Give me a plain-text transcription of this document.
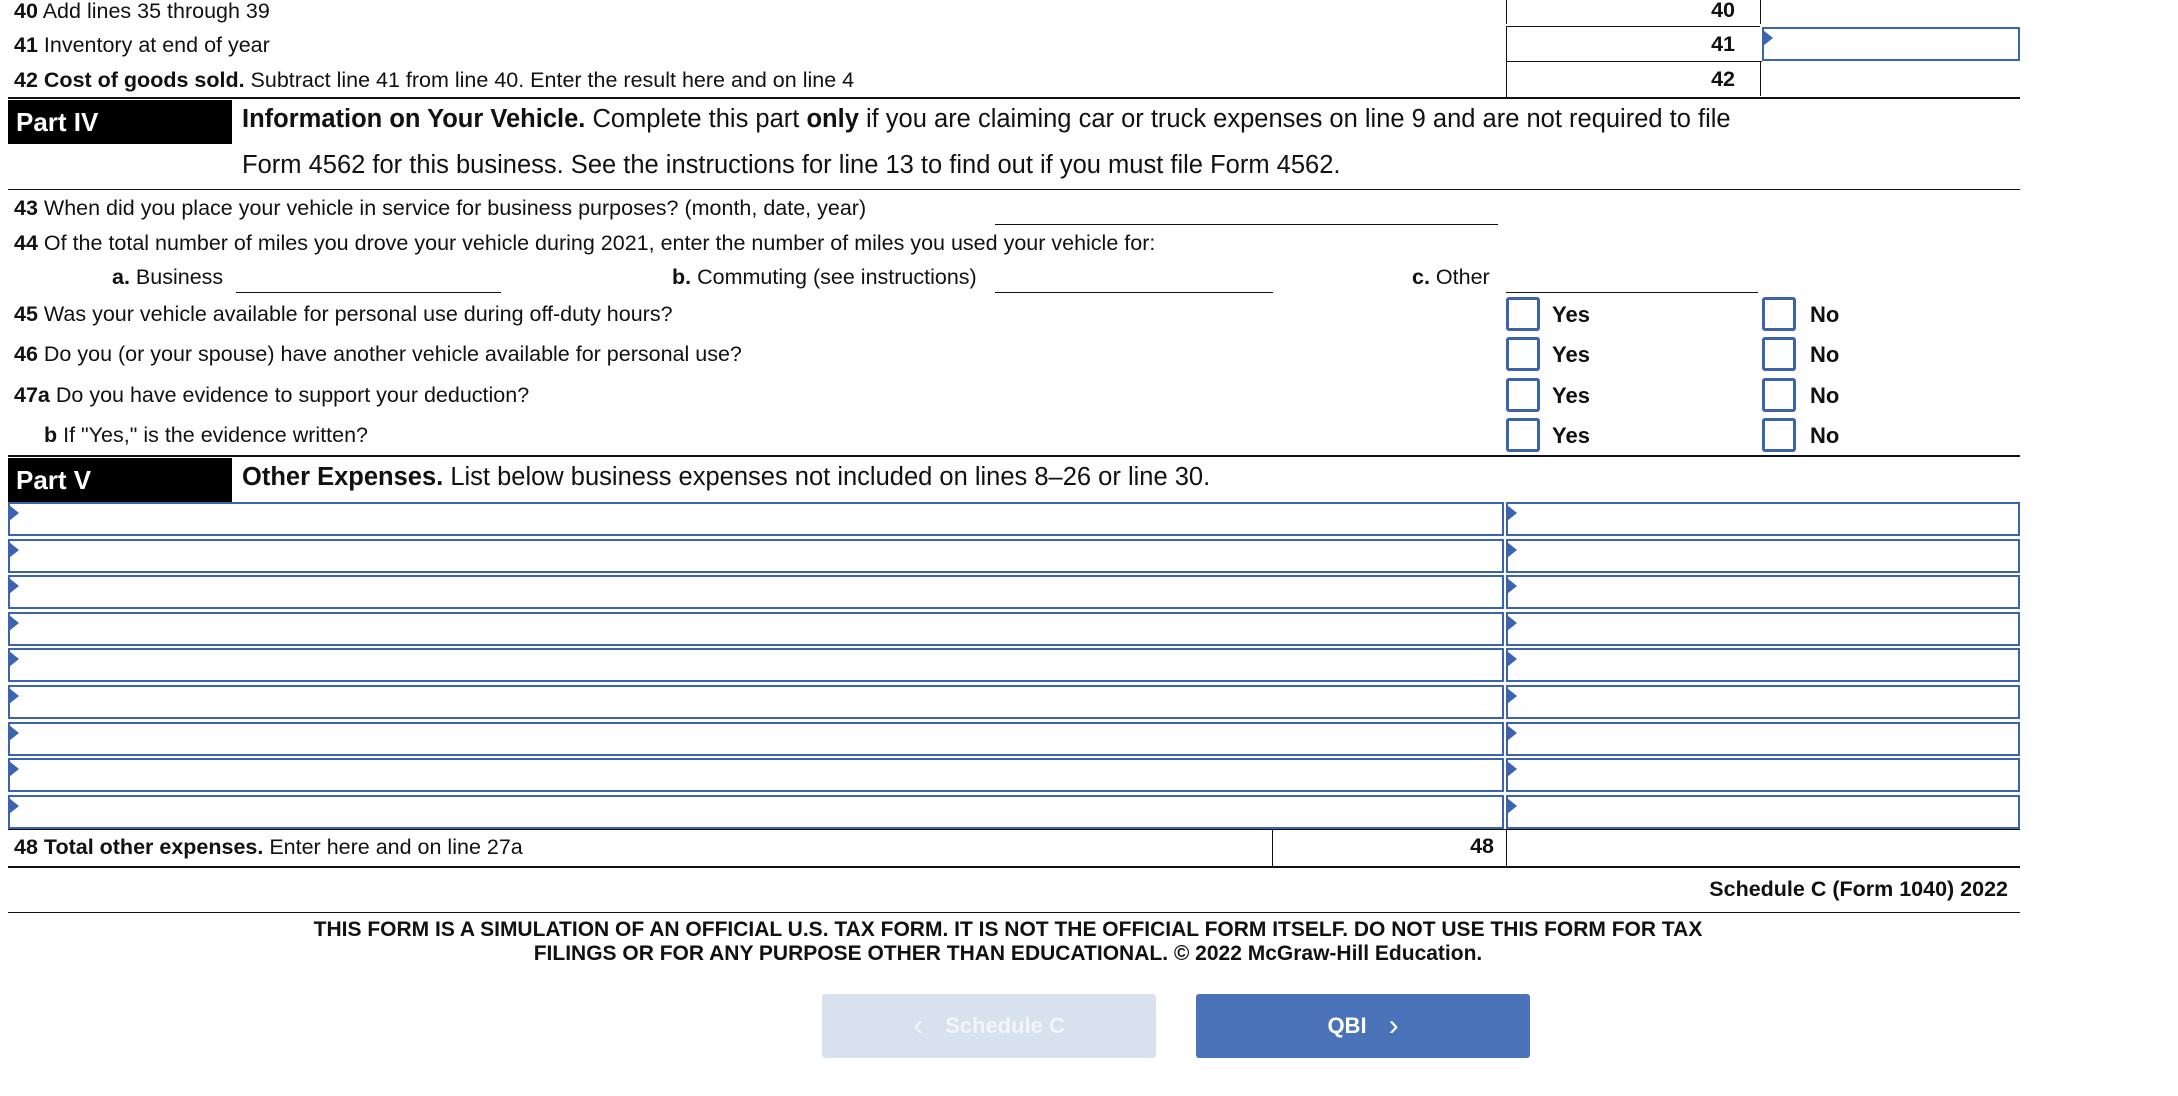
40 Add lines 35 through 39	40
41 Inventory at end of year	41
42 Cost of goods sold. Subtract line 41 from line 40. Enter the result here and on line 4	42
Part IV	Information on Your Vehicle. Complete this part only if you are claiming car or truck expenses on line 9 and are not required to file
Form 4562 for this business. See the instructions for line 13 to find out if you must file Form 4562.
43 When did you place your vehicle in service for business purposes? (month, date, year)
44 Of the total number of miles you drove your vehicle during 2021, enter the number of miles you used your vehicle for:
a. Business	b. Commuting (see instructions)	c. Other
45 Was your vehicle available for personal use during off-duty hours?	Yes	No
46 Do you (or your spouse) have another vehicle available for personal use?	Yes	No
47a Do you have evidence to support your deduction?	Yes	No
b If "Yes," is the evidence written?	Yes	No
Part V	Other Expenses. List below business expenses not included on lines 8–26 or line 30.
48 Total other expenses. Enter here and on line 27a	48
Schedule C (Form 1040) 2022
THIS FORM IS A SIMULATION OF AN OFFICIAL U.S. TAX FORM. IT IS NOT THE OFFICIAL FORM ITSELF. DO NOT USE THIS FORM FOR TAX
FILINGS OR FOR ANY PURPOSE OTHER THAN EDUCATIONAL. © 2022 McGraw-Hill Education.
‹ Schedule C	QBI ›
